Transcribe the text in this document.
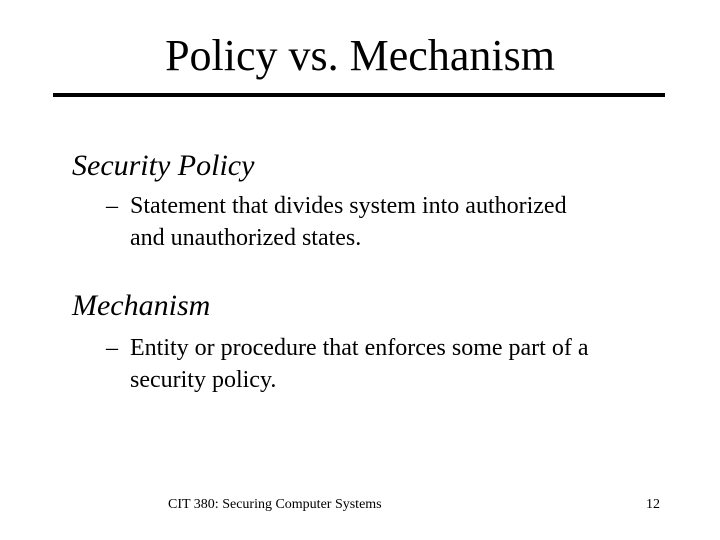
Policy vs. Mechanism
Security Policy
– Statement that divides system into authorized
and unauthorized states.
Mechanism
– Entity or procedure that enforces some part of a
security policy.
CIT 380: Securing Computer Systems	12
